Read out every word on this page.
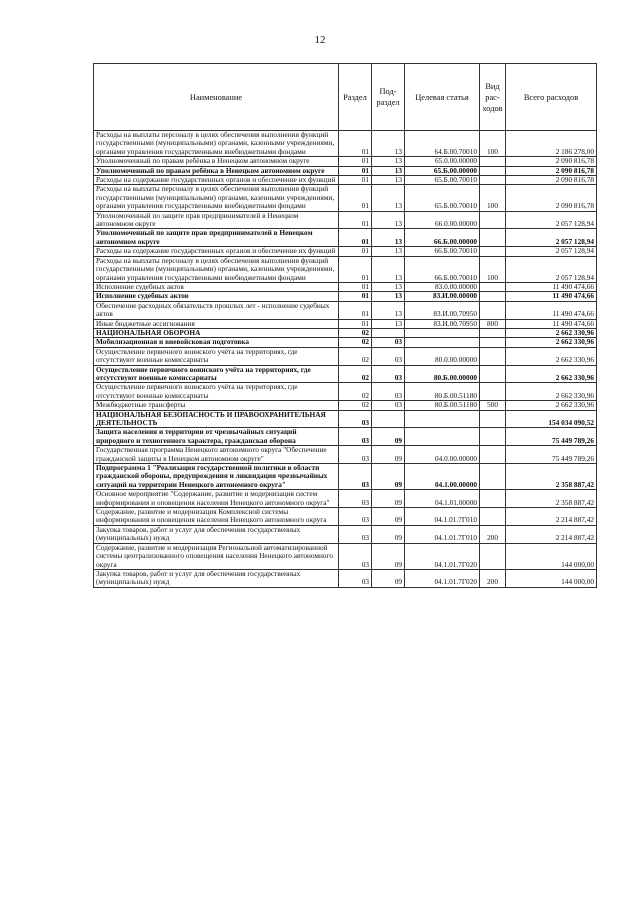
12
Наименование	Раздел	Под- раздел	Целевая статья	Вид рас- ходов	Всего расходов
Расходы на выплаты персоналу в целях обеспечения выполнения функций государственными (муниципальными) органами, казенными учреждениями, органами управления государственными внебюджетными фондами	01	13	64.Б.00.70010	100	2 186 278,00
Уполномоченный по правам ребёнка в Ненецком автономном округе	01	13	65.0.00.00000		2 090 816,78
Уполномоченный по правам ребёнка в Ненецком автономном округе	01	13	65.Б.00.00000		2 090 816,78
Расходы на содержание государственных органов и обеспечение их функций	01	13	65.Б.00.70010		2 090 816,78
Расходы на выплаты персоналу в целях обеспечения выполнения функций государственными (муниципальными) органами, казенными учреждениями, органами управления государственными внебюджетными фондами	01	13	65.Б.00.70010	100	2 090 816,78
Уполномоченный по защите прав предпринимателей в Ненецком автономном округе	01	13	66.0.00.00000		2 057 128,94
Уполномоченный по защите прав предпринимателей в Ненецком автономном округе	01	13	66.Б.00.00000		2 057 128,94
Расходы на содержание государственных органов и обеспечение их функций	01	13	66.Б.00.70010		2 057 128,94
Расходы на выплаты персоналу в целях обеспечения выполнения функций государственными (муниципальными) органами, казенными учреждениями, органами управления государственными внебюджетными фондами	01	13	66.Б.00.70010	100	2 057 128,94
Исполнение судебных актов	01	13	83.0.00.00000		11 490 474,66
Исполнение судебных актов	01	13	83.И.00.00000		11 490 474,66
Обеспечение расходных обязательств прошлых лет - исполнение судебных актов	01	13	83.И.00.70950		11 490 474,66
Иные бюджетные ассигнования	01	13	83.И.00.70950	800	11 490 474,66
НАЦИОНАЛЬНАЯ ОБОРОНА	02				2 662 330,96
Мобилизационная и вневойсковая подготовка	02	03			2 662 330,96
Осуществление первичного воинского учёта на территориях, где отсутствуют военные комиссариаты	02	03	80.0.00.00000		2 662 330,96
Осуществление первичного воинского учёта на территориях, где отсутствуют военные комиссариаты	02	03	80.Б.00.00000		2 662 330,96
Осуществление первичного воинского учёта на территориях, где отсутствуют военные комиссариаты	02	03	80.Б.00.51180		2 662 330,96
Межбюджетные трансферты	02	03	80.Б.00.51180	500	2 662 330,96
НАЦИОНАЛЬНАЯ БЕЗОПАСНОСТЬ И ПРАВООХРАНИТЕЛЬНАЯ ДЕЯТЕЛЬНОСТЬ	03				154 034 090,52
Защита населения и территории от чрезвычайных ситуаций природного и техногенного характера, гражданская оборона	03	09			75 449 789,26
Государственная программа Ненецкого автономного округа "Обеспечение гражданской защиты в Ненецком автономном округе"	03	09	04.0.00.00000		75 449 789,26
Подпрограмма 1 "Реализация государственной политики в области гражданской обороны, предупреждения и ликвидация чрезвычайных ситуаций на территории Ненецкого автономного округа"	03	09	04.1.00.00000		2 358 887,42
Основное мероприятие "Содержание, развитие и модернизация систем информирования и оповещения населения Ненецкого автономного округа"	03	09	04.1.01.00000		2 358 887,42
Содержание, развитие и модернизация Комплексной системы информирования и оповещения населения Ненецкого автономного округа	03	09	04.1.01.7Г010		2 214 887,42
Закупка товаров, работ и услуг для обеспечения государственных (муниципальных) нужд	03	09	04.1.01.7Г010	200	2 214 887,42
Содержание, развитие и модернизация Региональной автоматизированной системы централизованного оповещения населения Ненецкого автономного округа	03	09	04.1.01.7Г020		144 000,00
Закупка товаров, работ и услуг для обеспечения государственных (муниципальных) нужд	03	09	04.1.01.7Г020	200	144 000,00
